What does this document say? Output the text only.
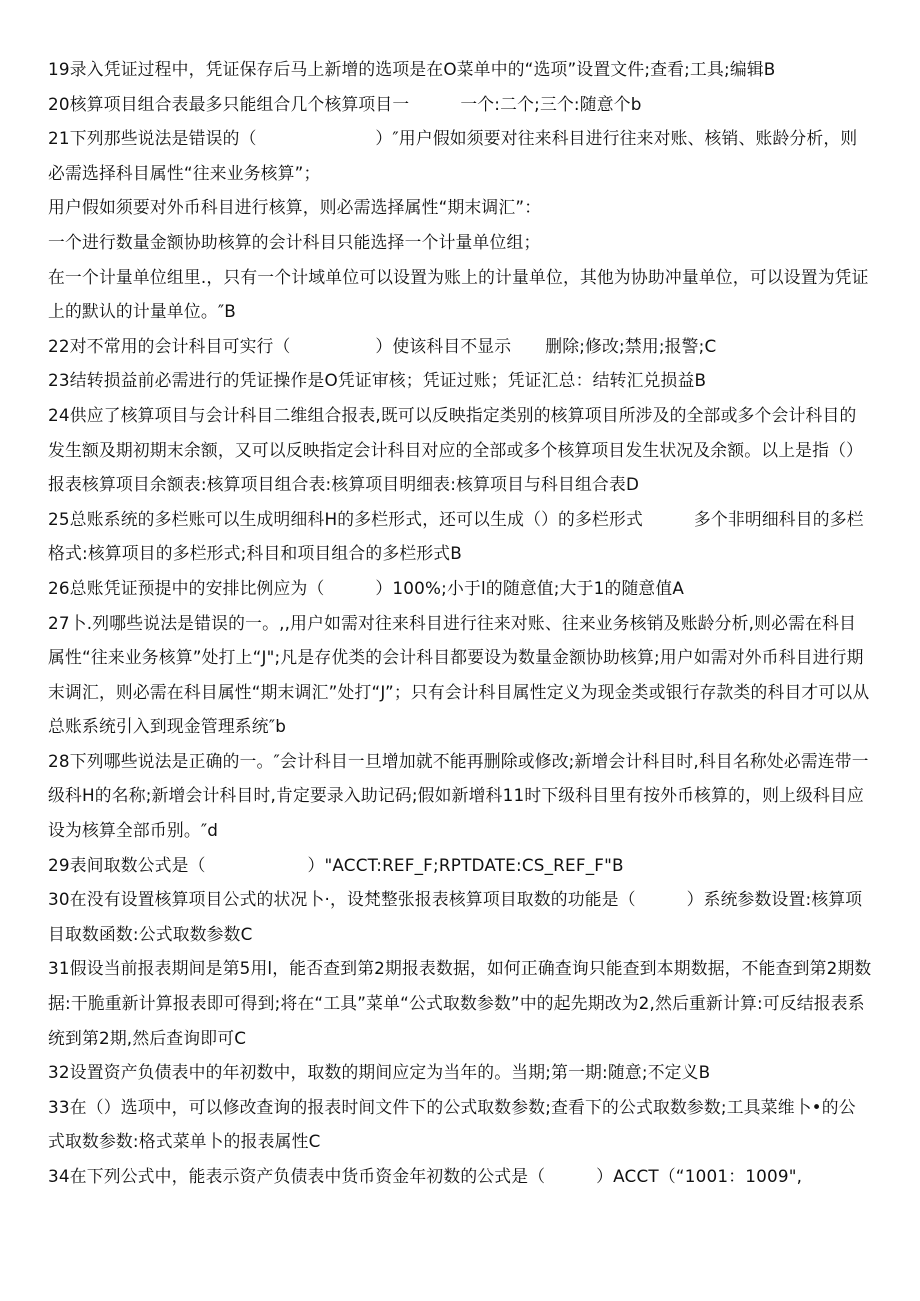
19录入凭证过程中，凭证保存后马上新增的选项是在O菜单中的“选项”设置文件;查看;工具;编辑B

20核算项目组合表最多只能组合几个核算项目一　　　一个:二个;三个:随意个b

21下列那些说法是错误的（　　　　　　　）″用户假如须要对往来科目进行往来对账、核销、账龄分析，则必需选择科目属性“往来业务核算”；

用户假如须要对外币科目进行核算，则必需选择属性“期末调汇”：

一个进行数量金额协助核算的会计科目只能选择一个计量单位组；

在一个计量单位组里.，只有一个计域单位可以设置为账上的计量单位，其他为协助冲量单位，可以设置为凭证上的默认的计量单位。″B

22对不常用的会计科目可实行（　　　　　）使该科目不显示　　删除;修改;禁用;报警;C

23结转损益前必需进行的凭证操作是O凭证审核；凭证过账；凭证汇总：结转汇兑损益B

24供应了核算项目与会计科目二维组合报表,既可以反映指定类别的核算项目所涉及的全部或多个会计科目的发生额及期初期末余额，又可以反映指定会计科目对应的全部或多个核算项目发生状况及余额。以上是指（）报表核算项目余额表:核算项目组合表:核算项目明细表:核算项目与科目组合表D

25总账系统的多栏账可以生成明细科H的多栏形式，还可以生成（）的多栏形式　　　多个非明细科目的多栏格式:核算项目的多栏形式;科目和项目组合的多栏形式B

26总账凭证预提中的安排比例应为（　　　）100%;小于l的随意值;大于1的随意值A

27卜.列哪些说法是错误的一。,,用户如需对往来科目进行往来对账、往来业务核销及账龄分析,则必需在科目属性“往来业务核算”处打上“J";凡是存优类的会计科目都要设为数量金额协助核算;用户如需对外币科目进行期末调汇，则必需在科目属性“期末调汇”处打“J”；只有会计科目属性定义为现金类或银行存款类的科目才可以从总账系统引入到现金管理系统″b

28下列哪些说法是正确的一。″会计科目一旦增加就不能再删除或修改;新增会计科目时,科目名称处必需连带一级科H的名称;新增会计科目时,肯定要录入助记码;假如新增科11时下级科目里有按外币核算的，则上级科目应设为核算全部币别。″d

29表间取数公式是（　　　　　　）"ACCT:REF_F;RPTDATE:CS_REF_F"B

30在没有设置核算项目公式的状况卜·，设梵整张报表核算项目取数的功能是（　　　）系统参数设置:核算项目取数函数:公式取数参数C

31假设当前报表期间是第5用l，能否查到第2期报表数据，如何正确查询只能查到本期数据，不能查到第2期数据:干脆重新计算报表即可得到;将在“工具”菜单“公式取数参数”中的起先期改为2,然后重新计算:可反结报表系统到第2期,然后查询即可C

32设置资产负债表中的年初数中，取数的期间应定为当年的。当期;第一期:随意;不定义B

33在（）选项中，可以修改查询的报表时间文件下的公式取数参数;查看下的公式取数参数;工具菜维卜•的公式取数参数:格式菜单卜的报表属性C

34在下列公式中，能表示资产负债表中货币资金年初数的公式是（　　　）ACCT（“1001：1009",
